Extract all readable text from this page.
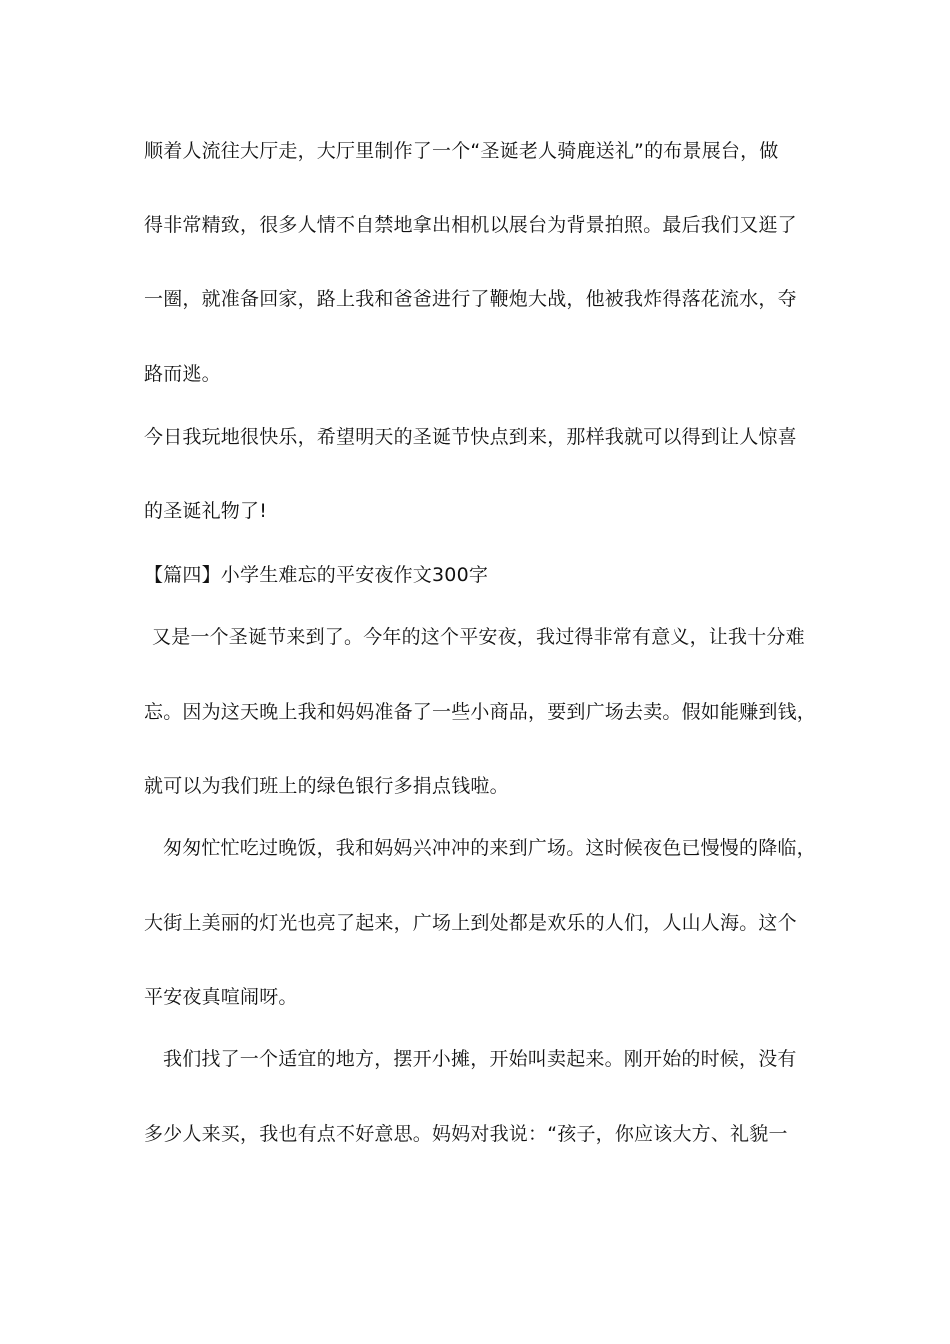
顺着人流往大厅走，大厅里制作了一个“圣诞老人骑鹿送礼”的布景展台，做
得非常精致，很多人情不自禁地拿出相机以展台为背景拍照。最后我们又逛了
一圈，就准备回家，路上我和爸爸进行了鞭炮大战，他被我炸得落花流水，夺
路而逃。
今日我玩地很快乐，希望明天的圣诞节快点到来，那样我就可以得到让人惊喜
的圣诞礼物了!
【篇四】小学生难忘的平安夜作文300字
又是一个圣诞节来到了。今年的这个平安夜，我过得非常有意义，让我十分难
忘。因为这天晚上我和妈妈准备了一些小商品，要到广场去卖。假如能赚到钱，
就可以为我们班上的绿色银行多捐点钱啦。
匆匆忙忙吃过晚饭，我和妈妈兴冲冲的来到广场。这时候夜色已慢慢的降临，
大街上美丽的灯光也亮了起来，广场上到处都是欢乐的人们，人山人海。这个
平安夜真喧闹呀。
我们找了一个适宜的地方，摆开小摊，开始叫卖起来。刚开始的时候，没有
多少人来买，我也有点不好意思。妈妈对我说：“孩子，你应该大方、礼貌一
